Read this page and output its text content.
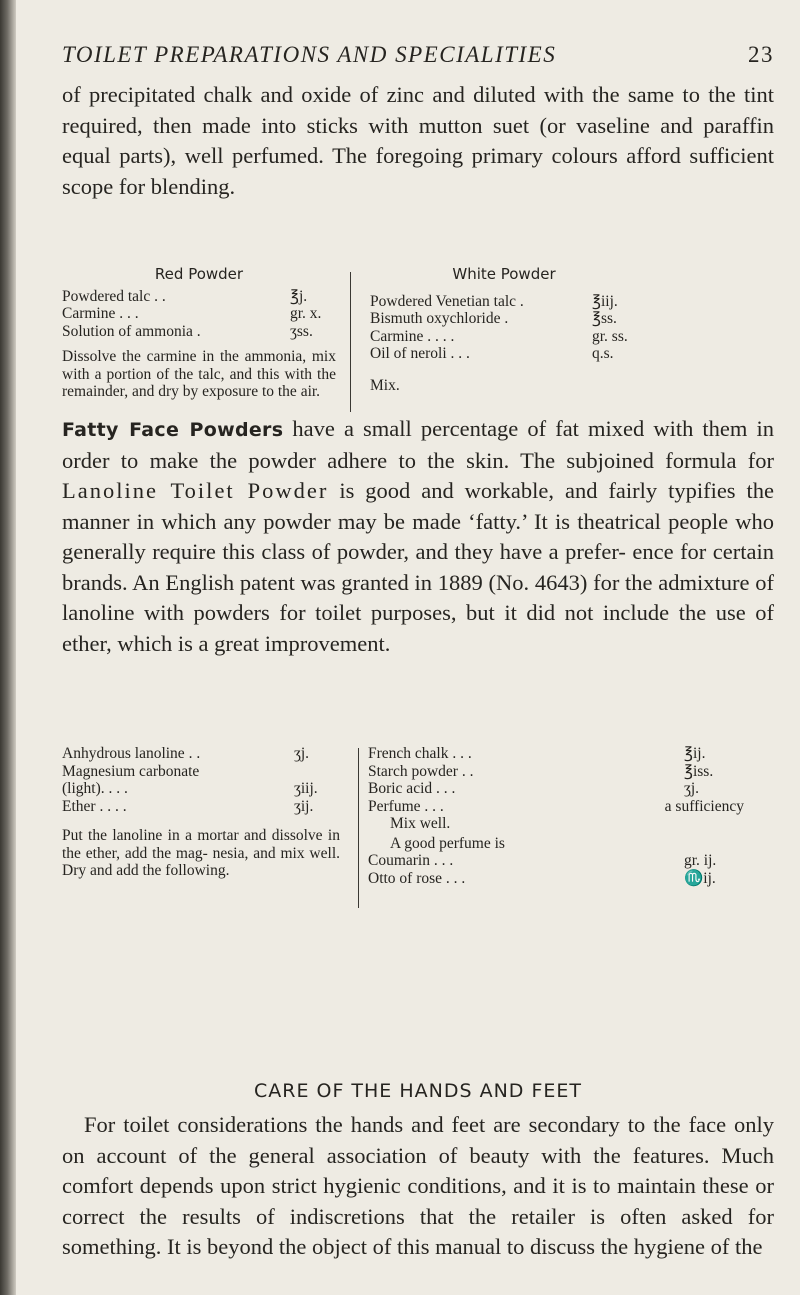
TOILET PREPARATIONS AND SPECIALITIES	23

of precipitated chalk and oxide of zinc and diluted with the same to the tint required, then made into sticks with mutton suet (or vaseline and paraffin equal parts), well perfumed. The foregoing primary colours afford sufficient scope for blending.

Red Powder
Powdered talc . .	℥j.
Carmine . . .	gr. x.
Solution of ammonia .	ʒss.
Dissolve the carmine in the ammonia, mix with a portion of the talc, and this with the remainder, and dry by exposure to the air.
White Powder
Powdered Venetian talc .	℥iij.
Bismuth oxychloride .	℥ss.
Carmine . . . .	gr. ss.
Oil of neroli . . .	q.s.
Mix.

Fatty Face Powders have a small percentage of fat mixed with them in order to make the powder adhere to the skin. The subjoined formula for Lanoline Toilet Powder is good and workable, and fairly typifies the manner in which any powder may be made ‘fatty.’ It is theatrical people who generally require this class of powder, and they have a prefer- ence for certain brands. An English patent was granted in 1889 (No. 4643) for the admixture of lanoline with powders for toilet purposes, but it did not include the use of ether, which is a great improvement.

Anhydrous lanoline . .	ʒj.
Magnesium carbonate
(light). . . .	ʒiij.
Ether . . . .	ʒij.
Put the lanoline in a mortar and dissolve in the ether, add the mag- nesia, and mix well. Dry and add the following.
French chalk . . .	℥ij.
Starch powder . .	℥iss.
Boric acid . . .	ʒj.
Perfume . . .	a sufficiency
Mix well.
A good perfume is
Coumarin . . .	gr. ij.
Otto of rose . . .	♏ij.
CARE OF THE HANDS AND FEET

For toilet considerations the hands and feet are secondary to the face only on account of the general association of beauty with the features. Much comfort depends upon strict hygienic conditions, and it is to maintain these or correct the results of indiscretions that the retailer is often asked for something. It is beyond the object of this manual to discuss the hygiene of the
